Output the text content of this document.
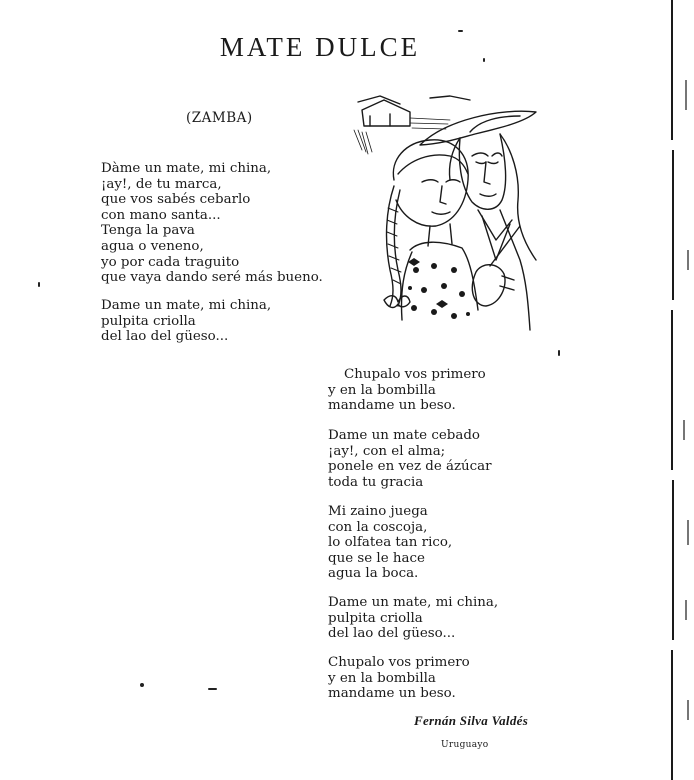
MATE DULCE
(ZAMBA)
Dàme un mate, mi china,
¡ay!, de tu marca,
que vos sabés cebarlo
con mano santa...
Tenga la pava
agua o veneno,
yo por cada traguito
que vaya dando seré más bueno.
Dame un mate, mi china,
pulpita criolla
del lao del güeso...
Chupalo vos primero
y en la bombilla
mandame un beso.
Dame un mate cebado
¡ay!, con el alma;
ponele en vez de ázúcar
toda tu gracia
Mi zaino juega
con la coscoja,
lo olfatea tan rico,
que se le hace
agua la boca.
Dame un mate, mi china,
pulpita criolla
del lao del güeso...
Chupalo vos primero
y en la bombilla
mandame un beso.
Fernán Silva Valdés
Uruguayo
